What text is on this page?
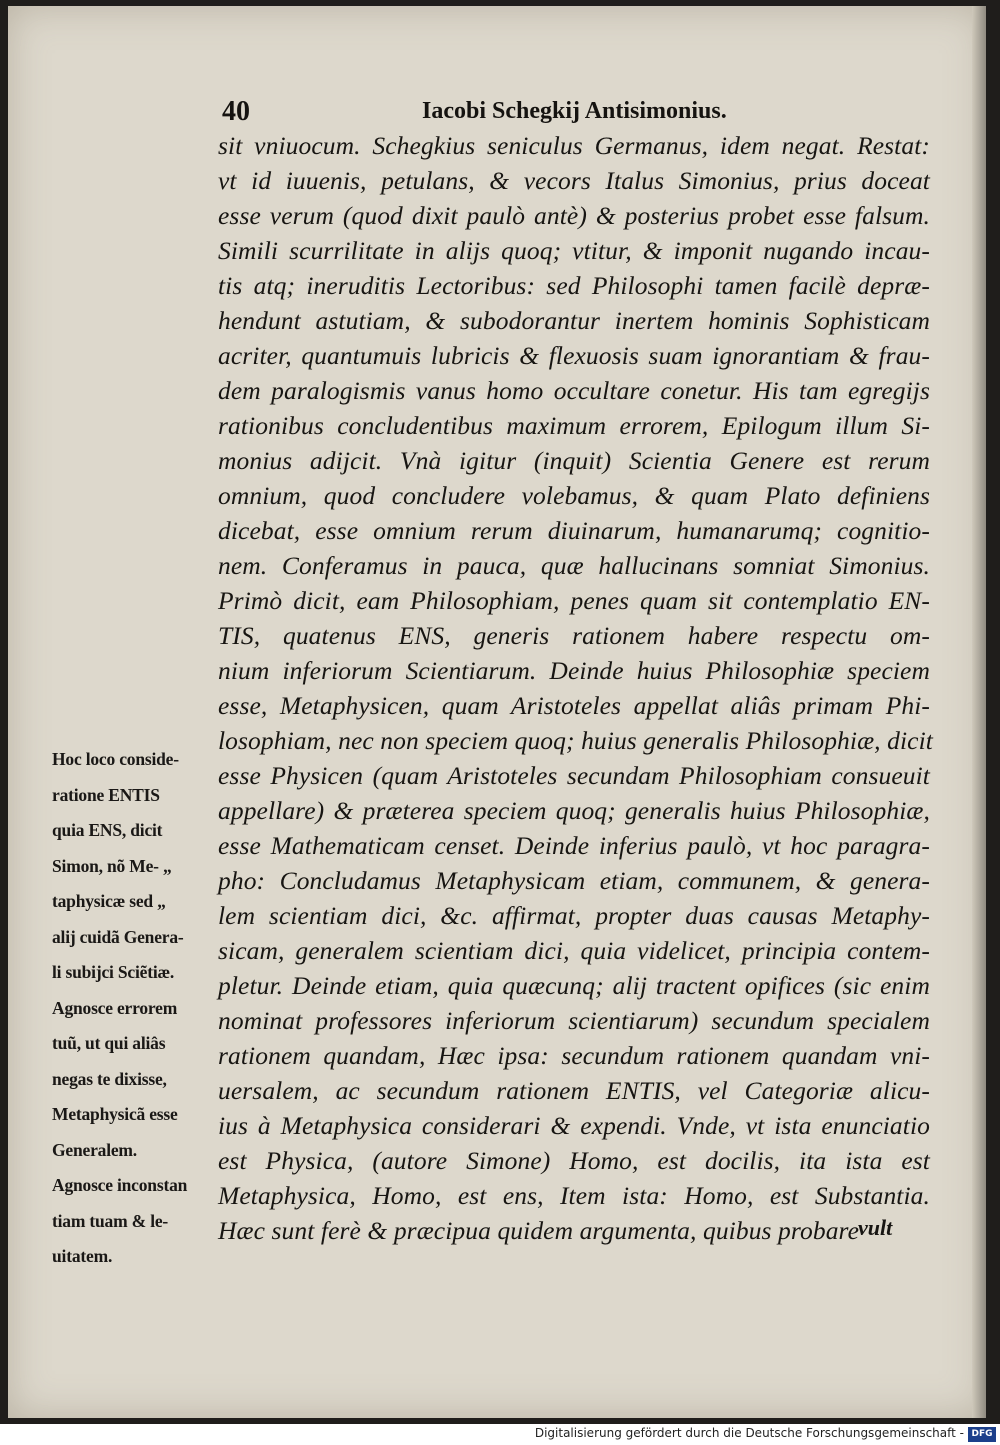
40	Iacobi Schegkij Antisimonius.
sit vniuocum. Schegkius seniculus Germanus, idem negat. Restat:
vt id iuuenis, petulans, & vecors Italus Simonius, prius doceat
esse verum (quod dixit paulò antè) & posterius probet esse falsum.
Simili scurrilitate in alijs quoq; vtitur, & imponit nugando incau-
tis atq; ineruditis Lectoribus: sed Philosophi tamen facilè depræ-
hendunt astutiam, & subodorantur inertem hominis Sophisticam
acriter, quantumuis lubricis & flexuosis suam ignorantiam & frau-
dem paralogismis vanus homo occultare conetur. His tam egregijs
rationibus concludentibus maximum errorem, Epilogum illum Si-
monius adijcit. Vnà igitur (inquit) Scientia Genere est rerum
omnium, quod concludere volebamus, & quam Plato definiens
dicebat, esse omnium rerum diuinarum, humanarumq; cognitio-
nem. Conferamus in pauca, quæ hallucinans somniat Simonius.
Primò dicit, eam Philosophiam, penes quam sit contemplatio EN-
TIS, quatenus ENS, generis rationem habere respectu om-
nium inferiorum Scientiarum. Deinde huius Philosophiæ speciem
esse, Metaphysicen, quam Aristoteles appellat aliâs primam Phi-
losophiam, nec non speciem quoq; huius generalis Philosophiæ, dicit
esse Physicen (quam Aristoteles secundam Philosophiam consueuit
appellare) & præterea speciem quoq; generalis huius Philosophiæ,
esse Mathematicam censet. Deinde inferius paulò, vt hoc paragra-
pho: Concludamus Metaphysicam etiam, communem, & genera-
lem scientiam dici, &c. affirmat, propter duas causas Metaphy-
sicam, generalem scientiam dici, quia videlicet, principia contem-
pletur. Deinde etiam, quia quæcunq; alij tractent opifices (sic enim
nominat professores inferiorum scientiarum) secundum specialem
rationem quandam, Hæc ipsa: secundum rationem quandam vni-
uersalem, ac secundum rationem ENTIS, vel Categoriæ alicu-
ius à Metaphysica considerari & expendi. Vnde, vt ista enunciatio
est Physica, (autore Simone) Homo, est docilis, ita ista est
Metaphysica, Homo, est ens, Item ista: Homo, est Substantia.
Hæc sunt ferè & præcipua quidem argumenta, quibus probare
vult
Hoc loco conside-
ratione ENTIS
quia ENS, dicit
Simon, nõ Me- „
taphysicæ sed „
alij cuidã Genera-
li subijci Sciẽtiæ.
Agnosce errorem
tuũ, ut qui aliâs
negas te dixisse,
Metaphysicã esse
Generalem.
Agnosce inconstan
tiam tuam & le-
uitatem.
Digitalisierung gefördert durch die Deutsche Forschungsgemeinschaft - DFG
